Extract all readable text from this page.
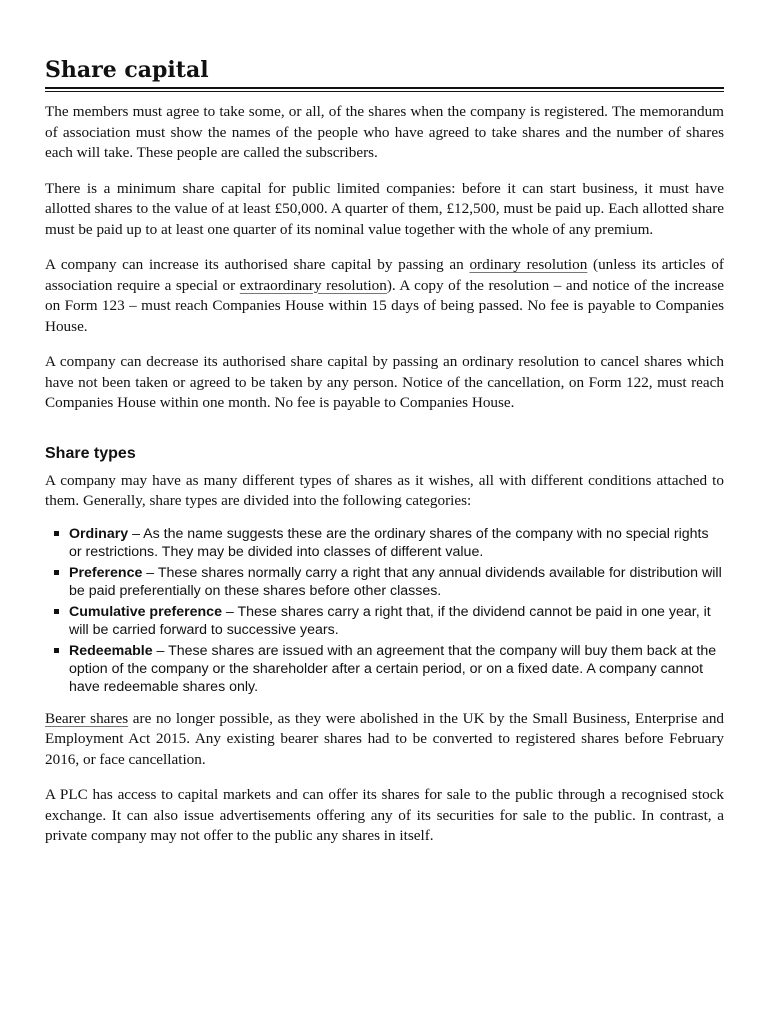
Share capital

The members must agree to take some, or all, of the shares when the company is registered. The memorandum of association must show the names of the people who have agreed to take shares and the number of shares each will take. These people are called the subscribers.

There is a minimum share capital for public limited companies: before it can start business, it must have allotted shares to the value of at least £50,000. A quarter of them, £12,500, must be paid up. Each allotted share must be paid up to at least one quarter of its nominal value together with the whole of any premium.

A company can increase its authorised share capital by passing an ordinary resolution (unless its articles of association require a special or extraordinary resolution). A copy of the resolution – and notice of the increase on Form 123 – must reach Companies House within 15 days of being passed. No fee is payable to Companies House.

A company can decrease its authorised share capital by passing an ordinary resolution to cancel shares which have not been taken or agreed to be taken by any person. Notice of the cancellation, on Form 122, must reach Companies House within one month. No fee is payable to Companies House.

Share types

A company may have as many different types of shares as it wishes, all with different conditions attached to them. Generally, share types are divided into the following categories:

Ordinary – As the name suggests these are the ordinary shares of the company with no special rights or restrictions. They may be divided into classes of different value.
Preference – These shares normally carry a right that any annual dividends available for distribution will be paid preferentially on these shares before other classes.
Cumulative preference – These shares carry a right that, if the dividend cannot be paid in one year, it will be carried forward to successive years.
Redeemable – These shares are issued with an agreement that the company will buy them back at the option of the company or the shareholder after a certain period, or on a fixed date. A company cannot have redeemable shares only.

Bearer shares are no longer possible, as they were abolished in the UK by the Small Business, Enterprise and Employment Act 2015. Any existing bearer shares had to be converted to registered shares before February 2016, or face cancellation.

A PLC has access to capital markets and can offer its shares for sale to the public through a recognised stock exchange. It can also issue advertisements offering any of its securities for sale to the public. In contrast, a private company may not offer to the public any shares in itself.
